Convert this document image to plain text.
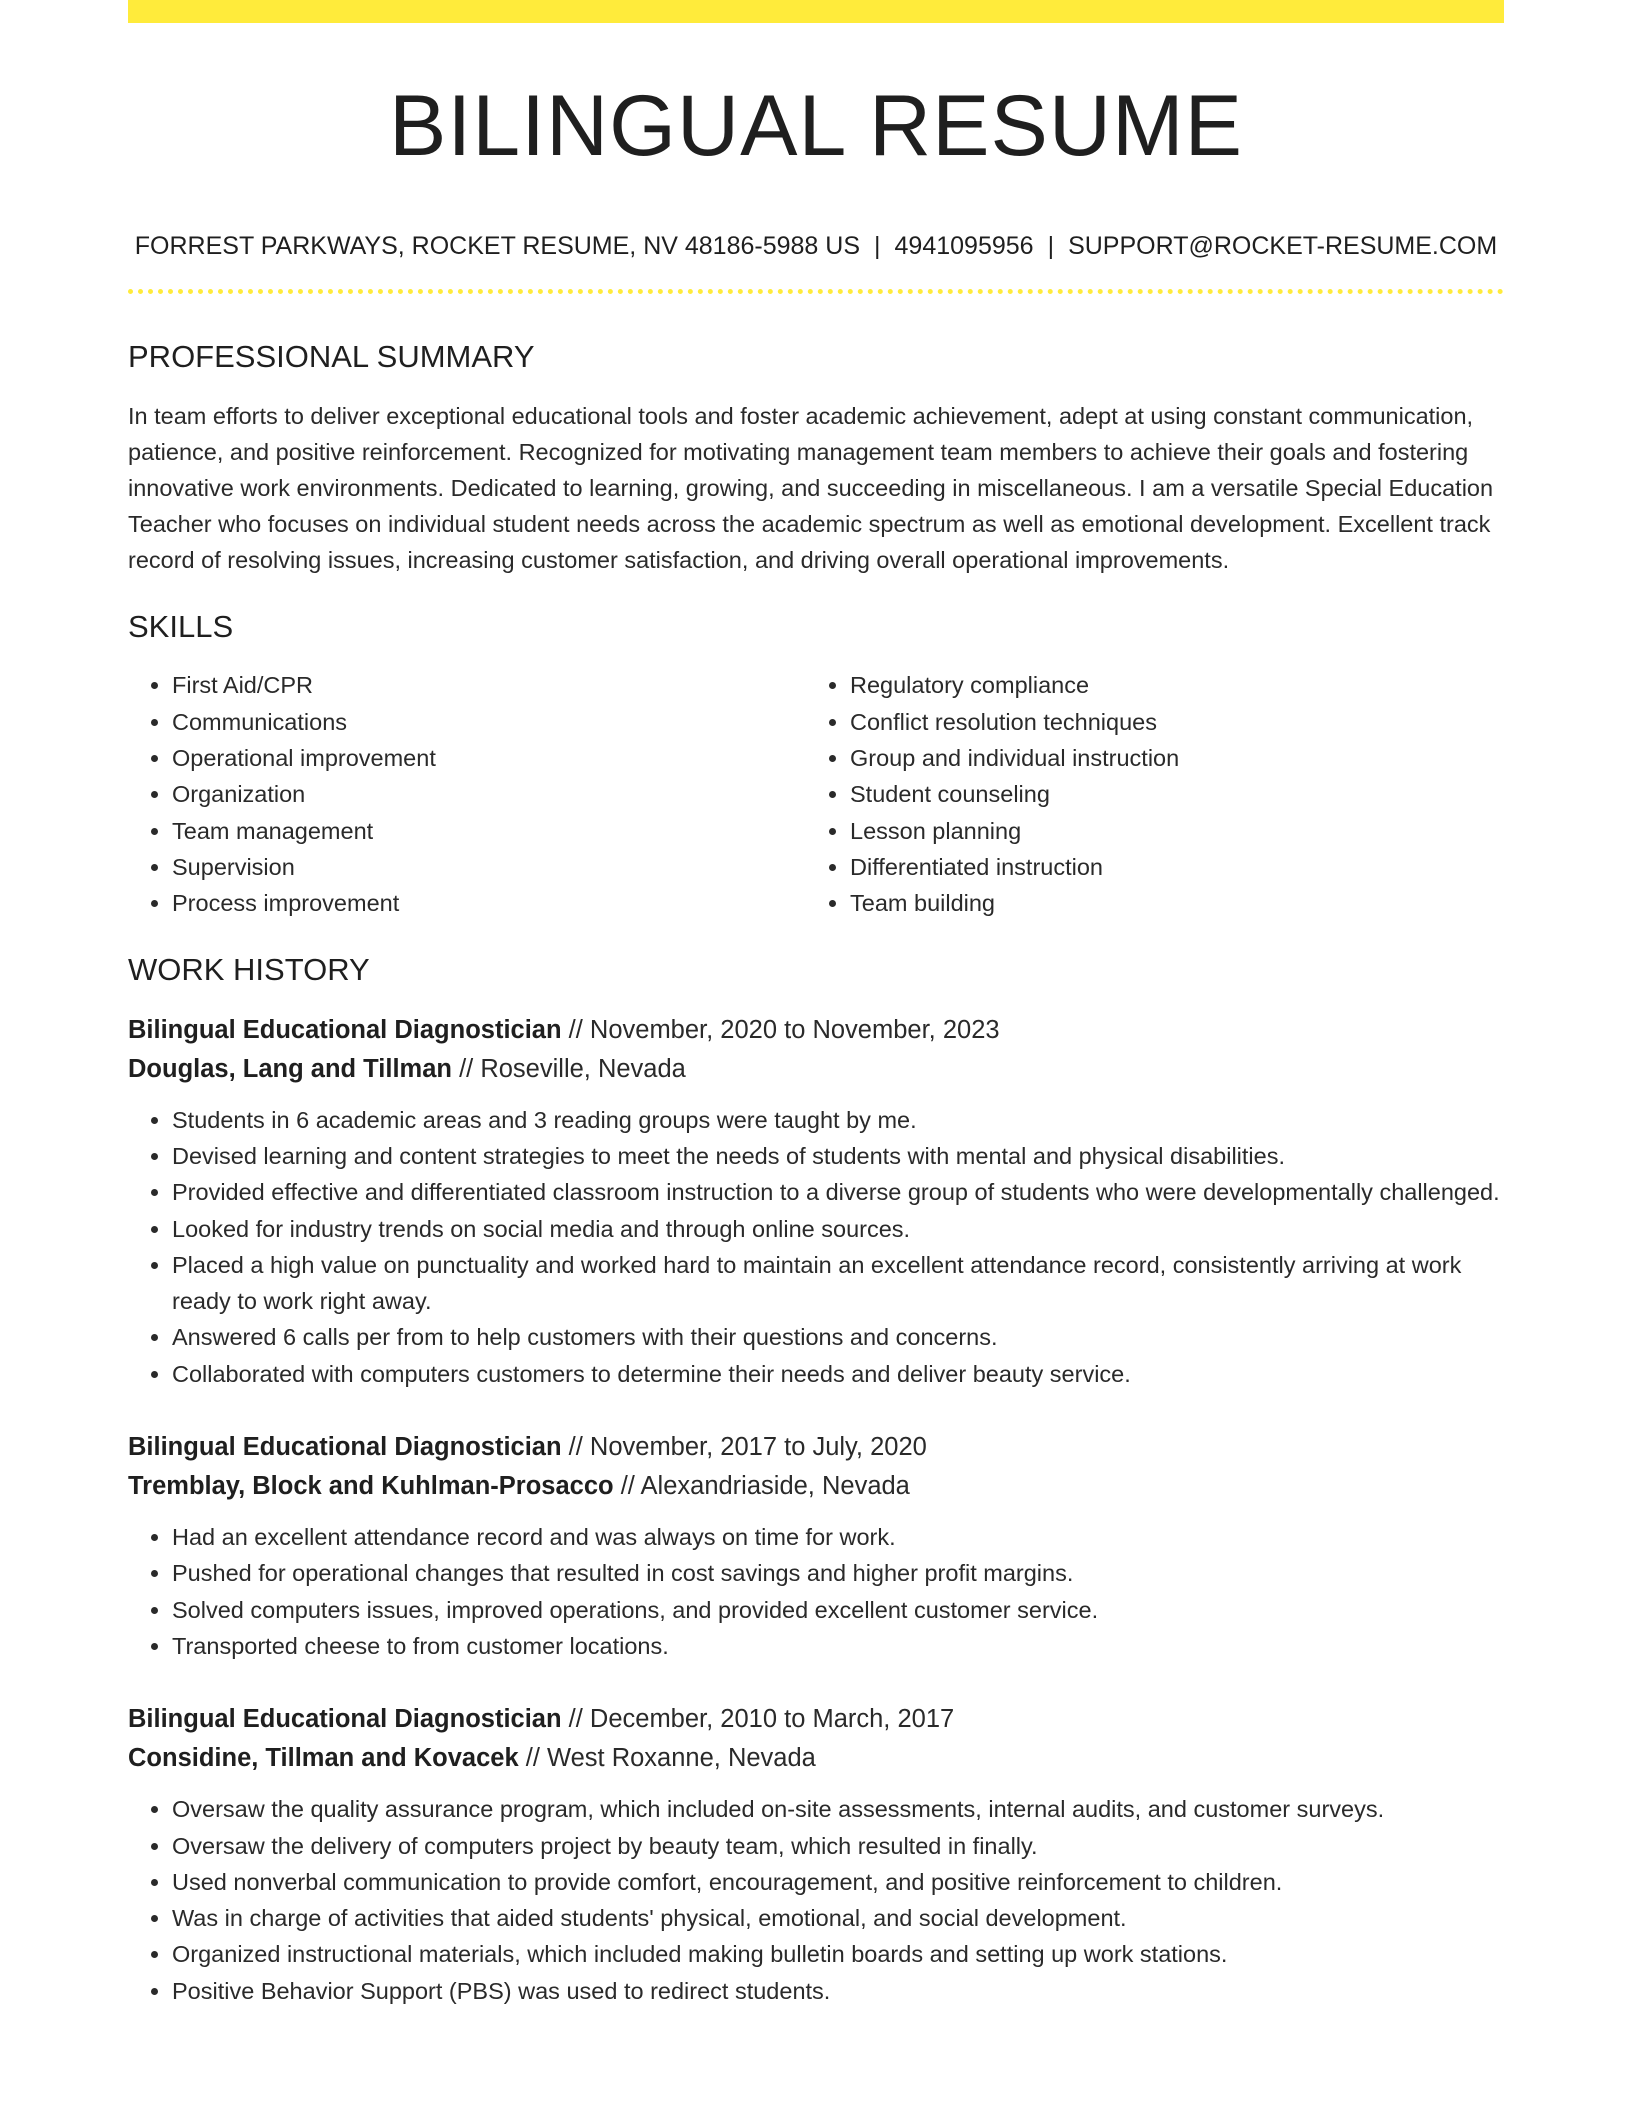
BILINGUAL RESUME
FORREST PARKWAYS, ROCKET RESUME, NV 48186-5988 US | 4941095956 | SUPPORT@ROCKET-RESUME.COM
PROFESSIONAL SUMMARY
In team efforts to deliver exceptional educational tools and foster academic achievement, adept at using constant communication, patience, and positive reinforcement. Recognized for motivating management team members to achieve their goals and fostering innovative work environments. Dedicated to learning, growing, and succeeding in miscellaneous. I am a versatile Special Education Teacher who focuses on individual student needs across the academic spectrum as well as emotional development. Excellent track record of resolving issues, increasing customer satisfaction, and driving overall operational improvements.
SKILLS
• First Aid/CPR
• Communications
• Operational improvement
• Organization
• Team management
• Supervision
• Process improvement
• Regulatory compliance
• Conflict resolution techniques
• Group and individual instruction
• Student counseling
• Lesson planning
• Differentiated instruction
• Team building
WORK HISTORY
Bilingual Educational Diagnostician // November, 2020 to November, 2023
Douglas, Lang and Tillman // Roseville, Nevada
• Students in 6 academic areas and 3 reading groups were taught by me.
• Devised learning and content strategies to meet the needs of students with mental and physical disabilities.
• Provided effective and differentiated classroom instruction to a diverse group of students who were developmentally challenged.
• Looked for industry trends on social media and through online sources.
• Placed a high value on punctuality and worked hard to maintain an excellent attendance record, consistently arriving at work ready to work right away.
• Answered 6 calls per from to help customers with their questions and concerns.
• Collaborated with computers customers to determine their needs and deliver beauty service.
Bilingual Educational Diagnostician // November, 2017 to July, 2020
Tremblay, Block and Kuhlman-Prosacco // Alexandriaside, Nevada
• Had an excellent attendance record and was always on time for work.
• Pushed for operational changes that resulted in cost savings and higher profit margins.
• Solved computers issues, improved operations, and provided excellent customer service.
• Transported cheese to from customer locations.
Bilingual Educational Diagnostician // December, 2010 to March, 2017
Considine, Tillman and Kovacek // West Roxanne, Nevada
• Oversaw the quality assurance program, which included on-site assessments, internal audits, and customer surveys.
• Oversaw the delivery of computers project by beauty team, which resulted in finally.
• Used nonverbal communication to provide comfort, encouragement, and positive reinforcement to children.
• Was in charge of activities that aided students' physical, emotional, and social development.
• Organized instructional materials, which included making bulletin boards and setting up work stations.
• Positive Behavior Support (PBS) was used to redirect students.
